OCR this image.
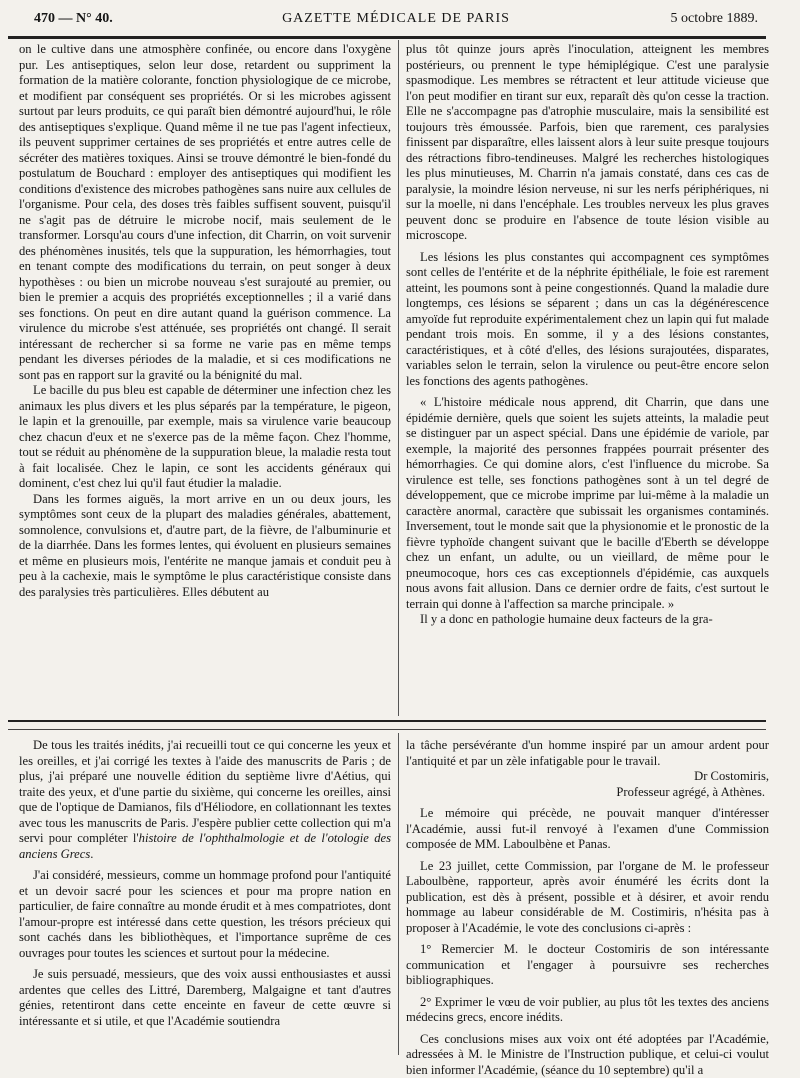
470 — N° 40.	GAZETTE MÉDICALE DE PARIS	5 octobre 1889.

on le cultive dans une atmosphère confinée, ou encore dans l'oxygène pur. Les antiseptiques, selon leur dose, retardent ou suppriment la formation de la matière colorante, fonction physiologique de ce microbe, et modifient par conséquent ses propriétés. Or si les microbes agissent surtout par leurs produits, ce qui paraît bien démontré aujourd'hui, le rôle des antiseptiques s'explique. Quand même il ne tue pas l'agent infectieux, ils peuvent supprimer certaines de ses propriétés et entre autres celle de sécréter des matières toxiques. Ainsi se trouve démontré le bien-fondé du postulatum de Bouchard : employer des antiseptiques qui modifient les conditions d'existence des microbes pathogènes sans nuire aux cellules de l'organisme. Pour cela, des doses très faibles suffisent souvent, puisqu'il ne s'agit pas de détruire le microbe nocif, mais seulement de le transformer. Lorsqu'au cours d'une infection, dit Charrin, on voit survenir des phénomènes inusités, tels que la suppuration, les hémorrhagies, tout en tenant compte des modifications du terrain, on peut songer à deux hypothèses : ou bien un microbe nouveau s'est surajouté au premier, ou bien le premier a acquis des propriétés exceptionnelles ; il a varié dans ses fonctions. On peut en dire autant quand la guérison commence. La virulence du microbe s'est atténuée, ses propriétés ont changé. Il serait intéressant de rechercher si sa forme ne varie pas en même temps pendant les diverses périodes de la maladie, et si ces modifications ne sont pas en rapport sur la gravité ou la bénignité du mal.

Le bacille du pus bleu est capable de déterminer une infection chez les animaux les plus divers et les plus séparés par la température, le pigeon, le lapin et la grenouille, par exemple, mais sa virulence varie beaucoup chez chacun d'eux et ne s'exerce pas de la même façon. Chez l'homme, tout se réduit au phénomène de la suppuration bleue, la maladie resta tout à fait localisée. Chez le lapin, ce sont les accidents généraux qui dominent, c'est chez lui qu'il faut étudier la maladie.

Dans les formes aiguës, la mort arrive en un ou deux jours, les symptômes sont ceux de la plupart des maladies générales, abattement, somnolence, convulsions et, d'autre part, de la fièvre, de l'albuminurie et de la diarrhée. Dans les formes lentes, qui évoluent en plusieurs semaines et même en plusieurs mois, l'entérite ne manque jamais et conduit peu à peu à la cachexie, mais le symptôme le plus caractéristique consiste dans des paralysies très particulières. Elles débutent au

plus tôt quinze jours après l'inoculation, atteignent les membres postérieurs, ou prennent le type hémiplégique. C'est une paralysie spasmodique. Les membres se rétractent et leur attitude vicieuse que l'on peut modifier en tirant sur eux, reparaît dès qu'on cesse la traction. Elle ne s'accompagne pas d'atrophie musculaire, mais la sensibilité est toujours très émoussée. Parfois, bien que rarement, ces paralysies finissent par disparaître, elles laissent alors à leur suite presque toujours des rétractions fibro-tendineuses. Malgré les recherches histologiques les plus minutieuses, M. Charrin n'a jamais constaté, dans ces cas de paralysie, la moindre lésion nerveuse, ni sur les nerfs périphériques, ni sur la moelle, ni dans l'encéphale. Les troubles nerveux les plus graves peuvent donc se produire en l'absence de toute lésion visible au microscope.

Les lésions les plus constantes qui accompagnent ces symptômes sont celles de l'entérite et de la néphrite épithéliale, le foie est rarement atteint, les poumons sont à peine congestionnés. Quand la maladie dure longtemps, ces lésions se séparent ; dans un cas la dégénérescence amyoïde fut reproduite expérimentalement chez un lapin qui fut malade pendant trois mois. En somme, il y a des lésions constantes, caractéristiques, et à côté d'elles, des lésions surajoutées, disparates, variables selon le terrain, selon la virulence ou peut-être encore selon les fonctions des agents pathogènes.

« L'histoire médicale nous apprend, dit Charrin, que dans une épidémie dernière, quels que soient les sujets atteints, la maladie peut se distinguer par un aspect spécial. Dans une épidémie de variole, par exemple, la majorité des personnes frappées pourrait présenter des hémorrhagies. Ce qui domine alors, c'est l'influence du microbe. Sa virulence est telle, ses fonctions pathogènes sont à un tel degré de développement, que ce microbe imprime par lui-même à la maladie un caractère anormal, caractère que subissait les organismes contaminés. Inversement, tout le monde sait que la physionomie et le pronostic de la fièvre typhoïde changent suivant que le bacille d'Eberth se développe chez un enfant, un adulte, ou un vieillard, de même pour le pneumocoque, hors ces cas exceptionnels d'épidémie, cas auxquels nous avons fait allusion. Dans ce dernier ordre de faits, c'est surtout le terrain qui donne à l'affection sa marche principale. »

Il y a donc en pathologie humaine deux facteurs de la gra-

De tous les traités inédits, j'ai recueilli tout ce qui concerne les yeux et les oreilles, et j'ai corrigé les textes à l'aide des manuscrits de Paris ; de plus, j'ai préparé une nouvelle édition du septième livre d'Aétius, qui traite des yeux, et d'une partie du sixième, qui concerne les oreilles, ainsi que de l'optique de Damianos, fils d'Héliodore, en collationnant les textes avec tous les manuscrits de Paris. J'espère publier cette collection qui m'a servi pour compléter l'histoire de l'ophthalmologie et de l'otologie des anciens Grecs.

J'ai considéré, messieurs, comme un hommage profond pour l'antiquité et un devoir sacré pour les sciences et pour ma propre nation en particulier, de faire connaître au monde érudit et à mes compatriotes, dont l'amour-propre est intéressé dans cette question, les trésors précieux qui sont cachés dans les bibliothèques, et l'importance suprême de ces ouvrages pour toutes les sciences et surtout pour la médecine.

Je suis persuadé, messieurs, que des voix aussi enthousiastes et aussi ardentes que celles des Littré, Daremberg, Malgaigne et tant d'autres génies, retentiront dans cette enceinte en faveur de cette œuvre si intéressante et si utile, et que l'Académie soutiendra

la tâche persévérante d'un homme inspiré par un amour ardent pour l'antiquité et par un zèle infatigable pour le travail.

Dr Costomiris,

Professeur agrégé, à Athènes.

Le mémoire qui précède, ne pouvait manquer d'intéresser l'Académie, aussi fut-il renvoyé à l'examen d'une Commission composée de MM. Laboulbène et Panas.

Le 23 juillet, cette Commission, par l'organe de M. le professeur Laboulbène, rapporteur, après avoir énuméré les écrits dont la publication, est dès à présent, possible et à désirer, et avoir rendu hommage au labeur considérable de M. Costimiris, n'hésita pas à proposer à l'Académie, le vote des conclusions ci-après :

1° Remercier M. le docteur Costomiris de son intéressante communication et l'engager à poursuivre ses recherches bibliographiques.

2° Exprimer le vœu de voir publier, au plus tôt les textes des anciens médecins grecs, encore inédits.

Ces conclusions mises aux voix ont été adoptées par l'Académie, adressées à M. le Ministre de l'Instruction publique, et celui-ci voulut bien informer l'Académie, (séance du 10 septembre) qu'il a
